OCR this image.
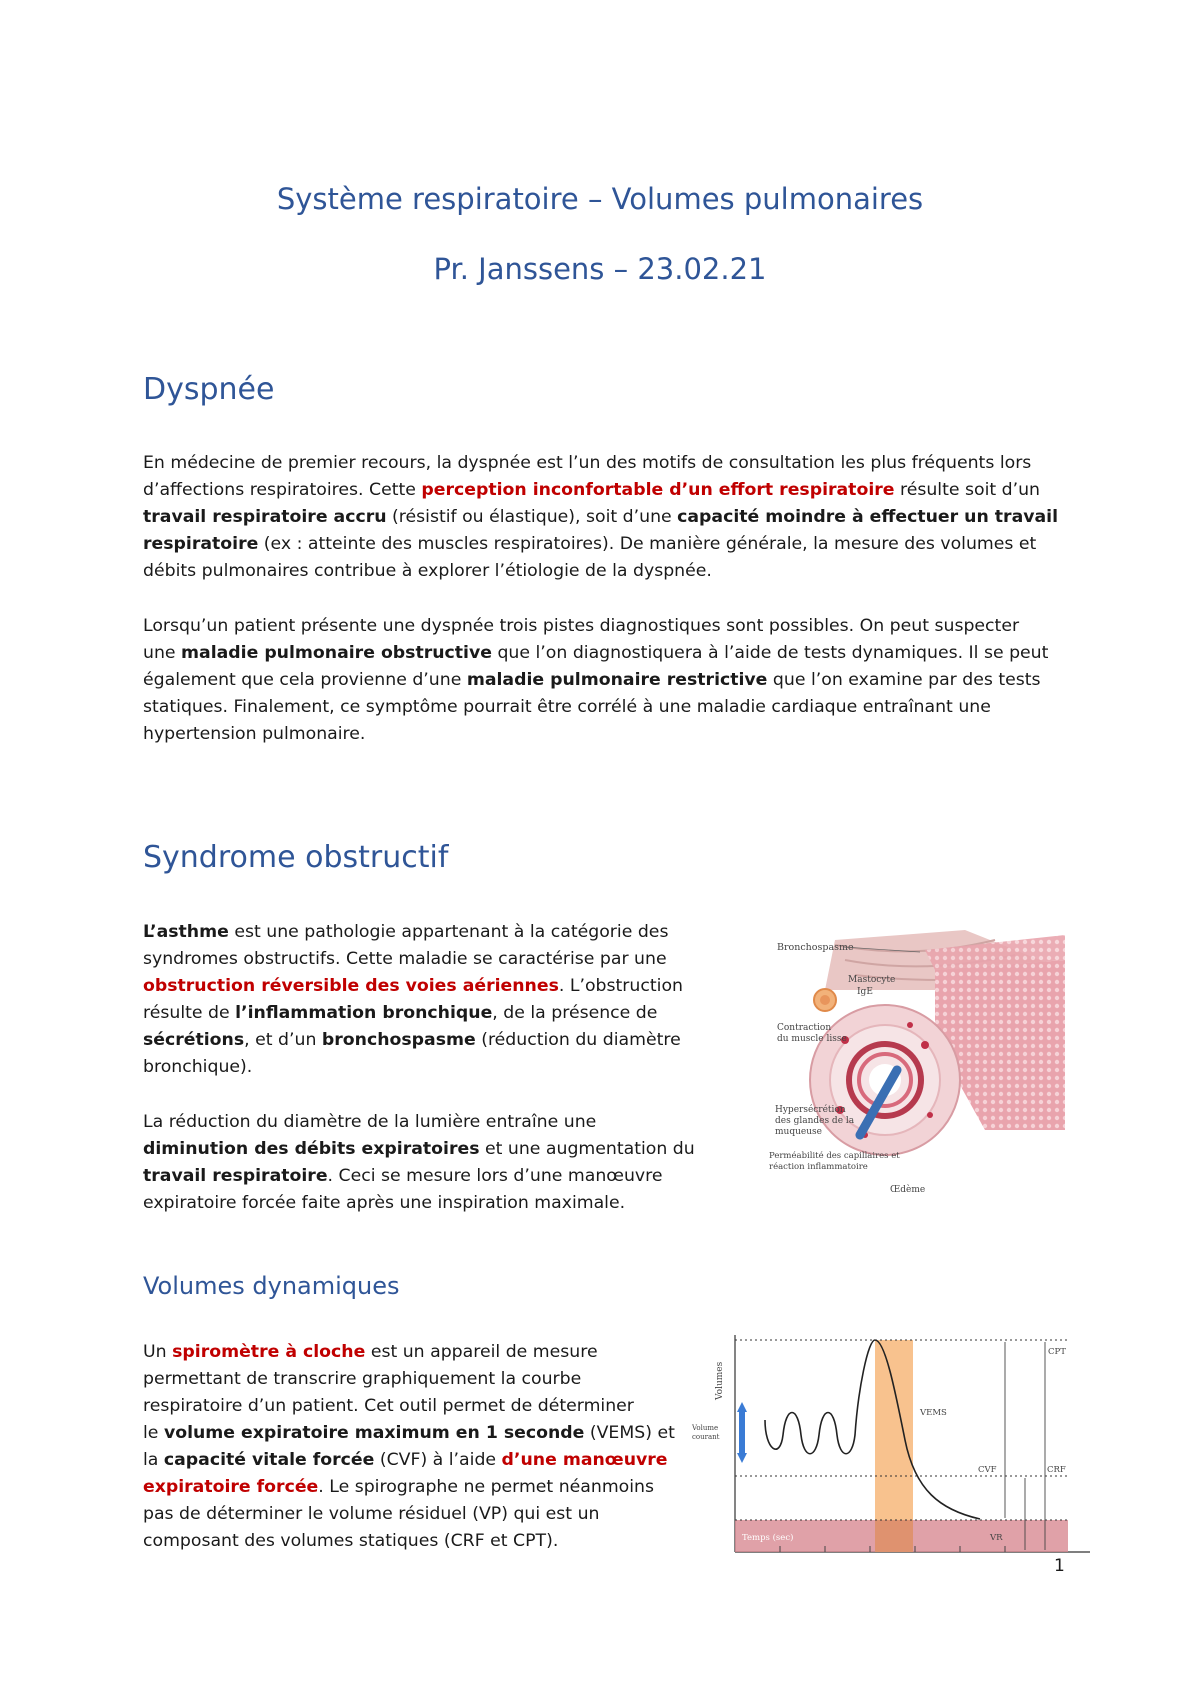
Système respiratoire – Volumes pulmonaires
Pr. Janssens – 23.02.21
Dyspnée

En médecine de premier recours, la dyspnée est l’un des motifs de consultation les plus fréquents lors
d’affections respiratoires. Cette perception inconfortable d’un effort respiratoire résulte soit d’un
travail respiratoire accru (résistif ou élastique), soit d’une capacité moindre à effectuer un travail
respiratoire (ex : atteinte des muscles respiratoires). De manière générale, la mesure des volumes et
débits pulmonaires contribue à explorer l’étiologie de la dyspnée.

Lorsqu’un patient présente une dyspnée trois pistes diagnostiques sont possibles. On peut suspecter
une maladie pulmonaire obstructive que l’on diagnostiquera à l’aide de tests dynamiques. Il se peut
également que cela provienne d’une maladie pulmonaire restrictive que l’on examine par des tests
statiques. Finalement, ce symptôme pourrait être corrélé à une maladie cardiaque entraînant une
hypertension pulmonaire.

Syndrome obstructif

L’asthme est une pathologie appartenant à la catégorie des
syndromes obstructifs. Cette maladie se caractérise par une
obstruction réversible des voies aériennes. L’obstruction
résulte de l’inflammation bronchique, de la présence de
sécrétions, et d’un bronchospasme (réduction du diamètre
bronchique).

La réduction du diamètre de la lumière entraîne une
diminution des débits expiratoires et une augmentation du
travail respiratoire. Ceci se mesure lors d’une manœuvre
expiratoire forcée faite après une inspiration maximale.

Bronchospasme
Mastocyte
IgE
Contraction
du muscle lisse
Hypersécrétion
des glandes de la
muqueuse
Perméabilité des capillaires et
réaction inflammatoire
Œdème
Volumes dynamiques

Un spiromètre à cloche est un appareil de mesure
permettant de transcrire graphiquement la courbe
respiratoire d’un patient. Cet outil permet de déterminer
le volume expiratoire maximum en 1 seconde (VEMS) et
la capacité vitale forcée (CVF) à l’aide d’une manœuvre
expiratoire forcée. Le spirographe ne permet néanmoins
pas de déterminer le volume résiduel (VP) qui est un
composant des volumes statiques (CRF et CPT).

Volumes
Volume
courant
Temps (sec)
VEMS
CVF	CRF
CPT
VR
1
